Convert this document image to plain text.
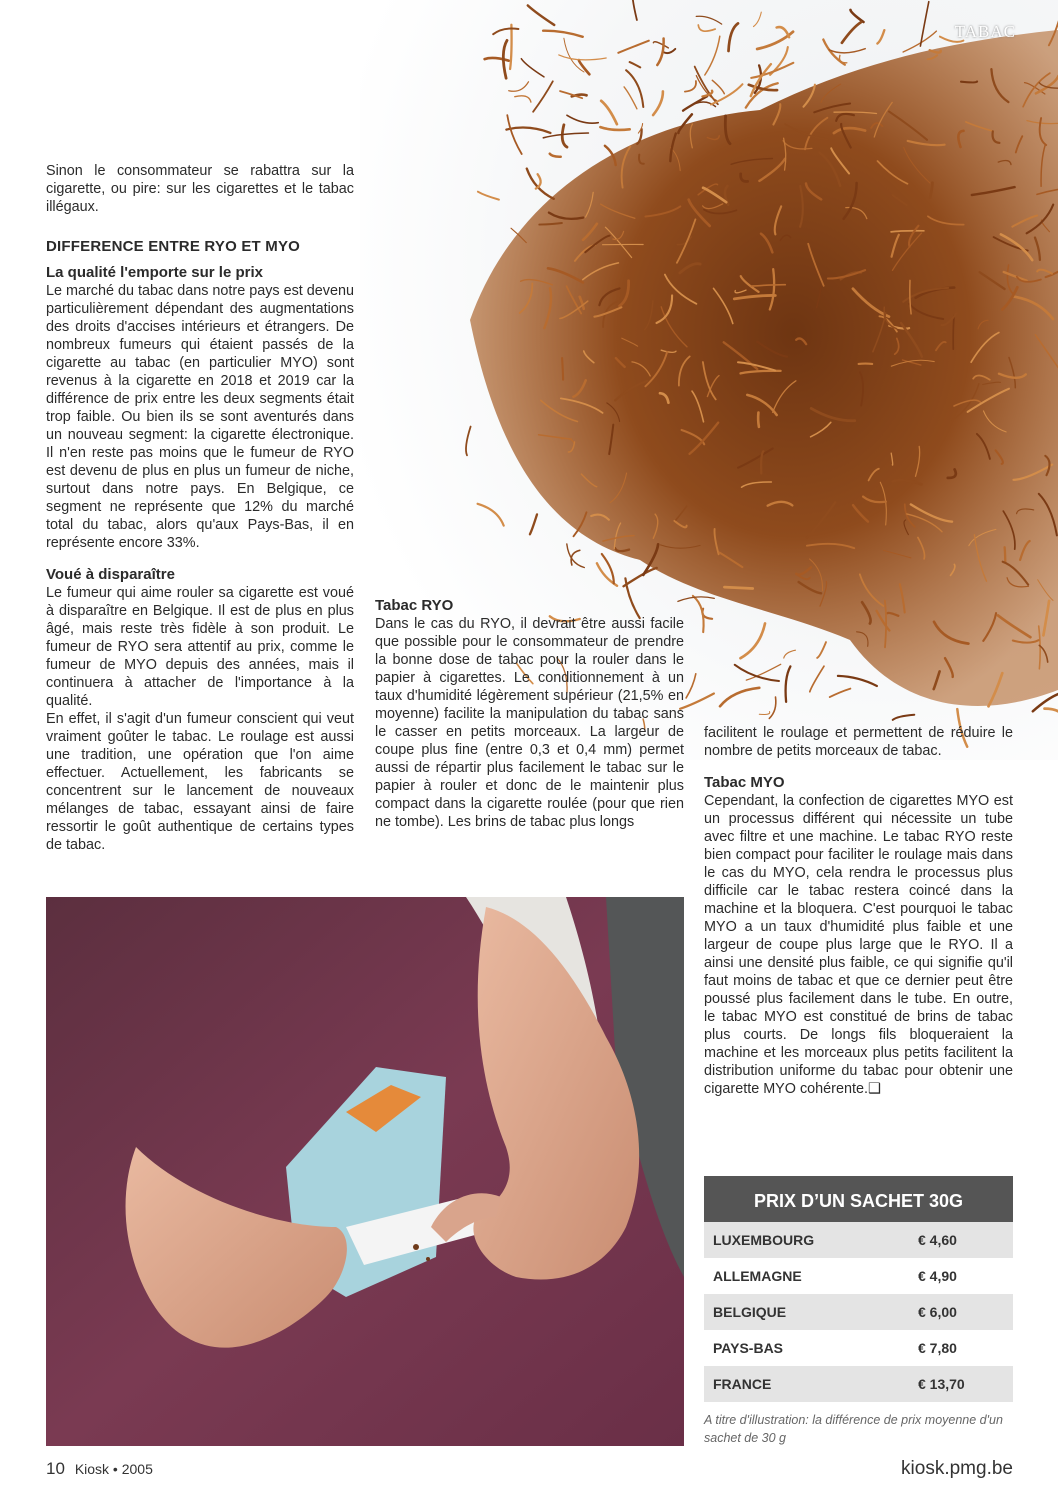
TABAC

Sinon le consommateur se rabattra sur la cigarette, ou pire: sur les cigarettes et le tabac illégaux.

DIFFERENCE ENTRE RYO ET MYO
La qualité l'emporte sur le prix

Le marché du tabac dans notre pays est devenu particulièrement dépendant des augmentations des droits d'accises intérieurs et étrangers. De nombreux fumeurs qui étaient passés de la cigarette au tabac (en particulier MYO) sont revenus à la cigarette en 2018 et 2019 car la différence de prix entre les deux segments était trop faible. Ou bien ils se sont aventurés dans un nouveau segment: la cigarette électronique. Il n'en reste pas moins que le fumeur de RYO est devenu de plus en plus un fumeur de niche, surtout dans notre pays. En Belgique, ce segment ne représente que 12% du marché total du tabac, alors qu'aux Pays-Bas, il en représente encore 33%.

Voué à disparaître

Le fumeur qui aime rouler sa cigarette est voué à disparaître en Belgique. Il est de plus en plus âgé, mais reste très fidèle à son produit. Le fumeur de RYO sera attentif au prix, comme le fumeur de MYO depuis des années, mais il continuera à attacher de l'importance à la qualité.

En effet, il s'agit d'un fumeur conscient qui veut vraiment goûter le tabac. Le roulage est aussi une tradition, une opération que l'on aime effectuer. Actuellement, les fabricants se concentrent sur le lancement de nouveaux mélanges de tabac, essayant ainsi de faire ressortir le goût authentique de certains types de tabac.

Tabac RYO

Dans le cas du RYO, il devrait être aussi facile que possible pour le consommateur de prendre la bonne dose de tabac pour la rouler dans le papier à cigarettes. Le conditionnement à un taux d'humidité légèrement supérieur (21,5% en moyenne) facilite la manipulation du tabac sans le casser en petits morceaux. La largeur de coupe plus fine (entre 0,3 et 0,4 mm) permet aussi de répartir plus facilement le tabac sur le papier à rouler et donc de le maintenir plus compact dans la cigarette roulée (pour que rien ne tombe). Les brins de tabac plus longs

facilitent le roulage et permettent de réduire le nombre de petits morceaux de tabac.

Tabac MYO

Cependant, la confection de cigarettes MYO est un processus différent qui nécessite un tube avec filtre et une machine. Le tabac RYO reste bien compact pour faciliter le roulage mais dans le cas du MYO, cela rendra le processus plus difficile car le tabac restera coincé dans la machine et la bloquera. C'est pourquoi le tabac MYO a un taux d'humidité plus faible et une largeur de coupe plus large que le RYO. Il a ainsi une densité plus faible, ce qui signifie qu'il faut moins de tabac et que ce dernier peut être poussé plus facilement dans le tube. En outre, le tabac MYO est constitué de brins de tabac plus courts. De longs fils bloqueraient la machine et les morceaux plus petits facilitent la distribution uniforme du tabac pour obtenir une cigarette MYO cohérente.❑

PRIX D’UN SACHET 30G
LUXEMBOURG	€ 4,60
ALLEMAGNE	€ 4,90
BELGIQUE	€ 6,00
PAYS-BAS	€ 7,80
FRANCE	€ 13,70
A titre d'illustration: la différence de prix moyenne d'un sachet de 30 g
10 Kiosk • 2005	kiosk.pmg.be
